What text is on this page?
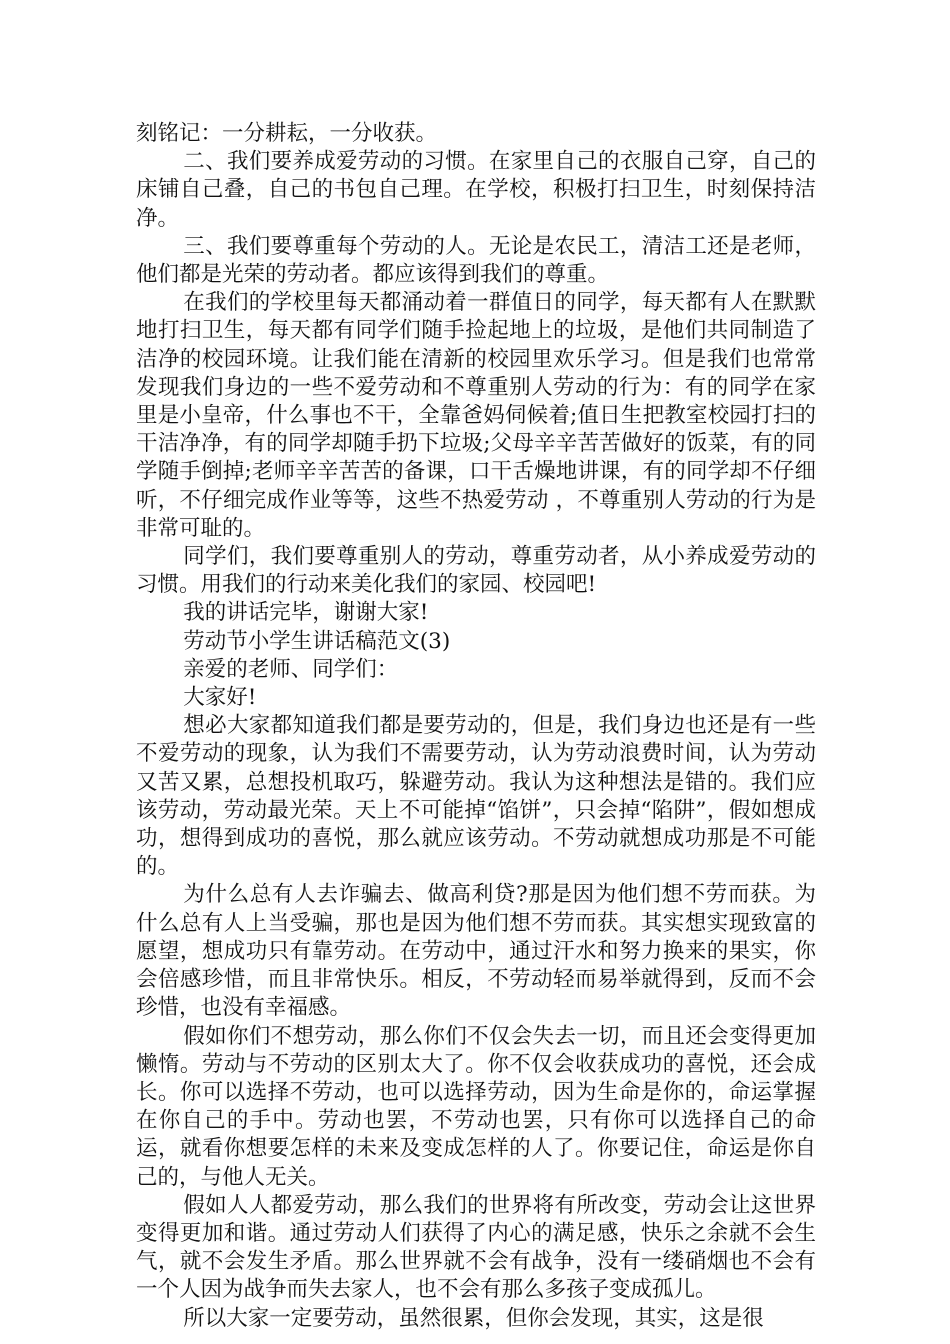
刻铭记：一分耕耘，一分收获。

二、我们要养成爱劳动的习惯。在家里自己的衣服自己穿，自己的床铺自己叠，自己的书包自己理。在学校，积极打扫卫生，时刻保持洁净。

三、我们要尊重每个劳动的人。无论是农民工，清洁工还是老师，他们都是光荣的劳动者。都应该得到我们的尊重。

在我们的学校里每天都涌动着一群值日的同学，每天都有人在默默地打扫卫生，每天都有同学们随手捡起地上的垃圾，是他们共同制造了洁净的校园环境。让我们能在清新的校园里欢乐学习。但是我们也常常发现我们身边的一些不爱劳动和不尊重别人劳动的行为：有的同学在家里是小皇帝，什么事也不干，全靠爸妈伺候着;值日生把教室校园打扫的干洁净净，有的同学却随手扔下垃圾;父母辛辛苦苦做好的饭菜，有的同学随手倒掉;老师辛辛苦苦的备课，口干舌燥地讲课，有的同学却不仔细听，不仔细完成作业等等，这些不热爱劳动 ，不尊重别人劳动的行为是非常可耻的。

同学们，我们要尊重别人的劳动，尊重劳动者，从小养成爱劳动的习惯。用我们的行动来美化我们的家园、校园吧!

我的讲话完毕，谢谢大家!

劳动节小学生讲话稿范文(3)

亲爱的老师、同学们：

大家好!

想必大家都知道我们都是要劳动的，但是，我们身边也还是有一些不爱劳动的现象，认为我们不需要劳动，认为劳动浪费时间，认为劳动又苦又累，总想投机取巧，躲避劳动。我认为这种想法是错的。我们应该劳动，劳动最光荣。天上不可能掉“馅饼”，只会掉“陷阱”，假如想成功，想得到成功的喜悦，那么就应该劳动。不劳动就想成功那是不可能的。

为什么总有人去诈骗去、做高利贷?那是因为他们想不劳而获。为什么总有人上当受骗，那也是因为他们想不劳而获。其实想实现致富的愿望，想成功只有靠劳动。在劳动中，通过汗水和努力换来的果实，你会倍感珍惜，而且非常快乐。相反，不劳动轻而易举就得到，反而不会珍惜，也没有幸福感。

假如你们不想劳动，那么你们不仅会失去一切，而且还会变得更加懒惰。劳动与不劳动的区别太大了。你不仅会收获成功的喜悦，还会成长。你可以选择不劳动，也可以选择劳动，因为生命是你的，命运掌握在你自己的手中。劳动也罢，不劳动也罢，只有你可以选择自己的命运，就看你想要怎样的未来及变成怎样的人了。你要记住，命运是你自己的，与他人无关。

假如人人都爱劳动，那么我们的世界将有所改变，劳动会让这世界变得更加和谐。通过劳动人们获得了内心的满足感，快乐之余就不会生气，就不会发生矛盾。那么世界就不会有战争，没有一缕硝烟也不会有一个人因为战争而失去家人，也不会有那么多孩子变成孤儿。

所以大家一定要劳动，虽然很累，但你会发现，其实，这是很
